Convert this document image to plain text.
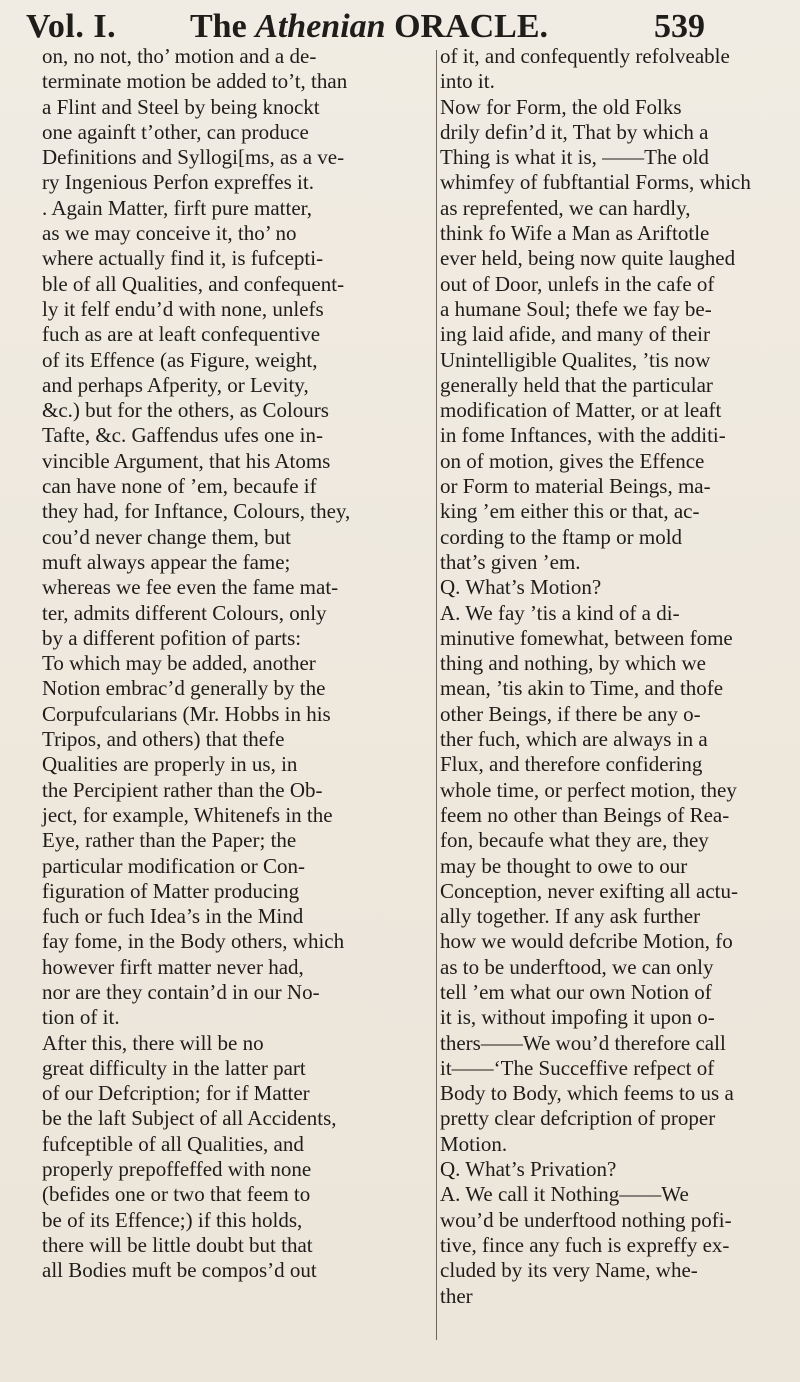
Vol. I. The Athenian ORACLE.	539
on, no not, tho’ motion and a de-
terminate motion be added to’t, than
a Flint and Steel by being knockt
one againft t’other, can produce
Definitions and Syllogi[ms, as a ve-
ry Ingenious Perfon expreffes it.
. Again Matter, firft pure matter,
as we may conceive it, tho’ no
where actually find it, is fufcepti-
ble of all Qualities, and confequent-
ly it felf endu’d with none, unlefs
fuch as are at leaft confequentive
of its Effence (as Figure, weight,
and perhaps Afperity, or Levity,
&c.) but for the others, as Colours
Tafte, &c. Gaffendus ufes one in-
vincible Argument, that his Atoms
can have none of ’em, becaufe if
they had, for Inftance, Colours, they,
cou’d never change them, but
muft always appear the fame;
whereas we fee even the fame mat-
ter, admits different Colours, only
by a different pofition of parts:
To which may be added, another
Notion embrac’d generally by the
Corpufcularians (Mr. Hobbs in his
Tripos, and others) that thefe
Qualities are properly in us, in
the Percipient rather than the Ob-
ject, for example, Whitenefs in the
Eye, rather than the Paper; the
particular modification or Con-
figuration of Matter producing
fuch or fuch Idea’s in the Mind
fay fome, in the Body others, which
however firft matter never had,
nor are they contain’d in our No-
tion of it.
After this, there will be no
great difficulty in the latter part
of our Defcription; for if Matter
be the laft Subject of all Accidents,
fufceptible of all Qualities, and
properly prepoffeffed with none
(befides one or two that feem to
be of its Effence;) if this holds,
there will be little doubt but that
all Bodies muft be compos’d out
of it, and confequently refolveable
into it.
Now for Form, the old Folks
drily defin’d it, That by which a
Thing is what it is, ——The old
whimfey of fubftantial Forms, which
as reprefented, we can hardly,
think fo Wife a Man as Ariftotle
ever held, being now quite laughed
out of Door, unlefs in the cafe of
a humane Soul; thefe we fay be-
ing laid afide, and many of their
Unintelligible Qualites, ’tis now
generally held that the particular
modification of Matter, or at leaft
in fome Inftances, with the additi-
on of motion, gives the Effence
or Form to material Beings, ma-
king ’em either this or that, ac-
cording to the ftamp or mold
that’s given ’em.
Q. What’s Motion?
A. We fay ’tis a kind of a di-
minutive fomewhat, between fome
thing and nothing, by which we
mean, ’tis akin to Time, and thofe
other Beings, if there be any o-
ther fuch, which are always in a
Flux, and therefore confidering
whole time, or perfect motion, they
feem no other than Beings of Rea-
fon, becaufe what they are, they
may be thought to owe to our
Conception, never exifting all actu-
ally together. If any ask further
how we would defcribe Motion, fo
as to be underftood, we can only
tell ’em what our own Notion of
it is, without impofing it upon o-
thers——We wou’d therefore call
it——‘The Succeffive refpect of
Body to Body, which feems to us a
pretty clear defcription of proper
Motion.
Q. What’s Privation?
A. We call it Nothing——We
wou’d be underftood nothing pofi-
tive, fince any fuch is expreffy ex-
cluded by its very Name, whe-
ther
